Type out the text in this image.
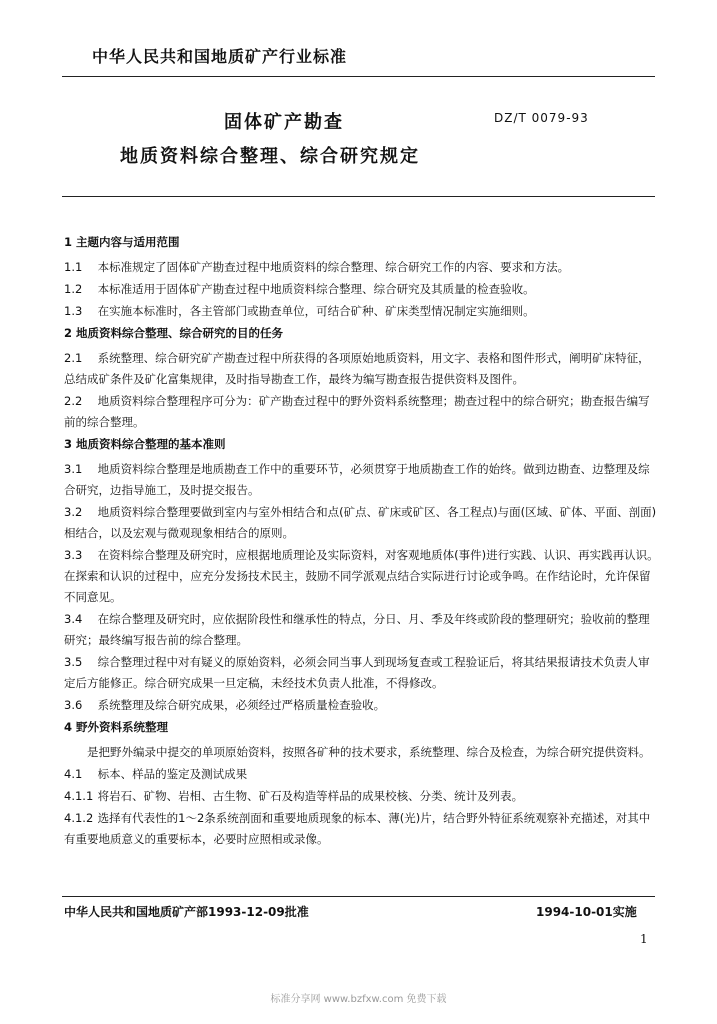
中华人民共和国地质矿产行业标准
固体矿产勘查	DZ/T 0079-93
地质资料综合整理、综合研究规定
1 主题内容与适用范围
1.1 本标准规定了固体矿产勘查过程中地质资料的综合整理、综合研究工作的内容、要求和方法。
1.2 本标准适用于固体矿产勘查过程中地质资料综合整理、综合研究及其质量的检查验收。
1.3 在实施本标准时，各主管部门或勘查单位，可结合矿种、矿床类型情况制定实施细则。
2 地质资料综合整理、综合研究的目的任务
2.1 系统整理、综合研究矿产勘查过程中所获得的各项原始地质资料，用文字、表格和图件形式，阐明矿床特征，总结成矿条件及矿化富集规律，及时指导勘查工作，最终为编写勘查报告提供资料及图件。
2.2 地质资料综合整理程序可分为：矿产勘查过程中的野外资料系统整理；勘查过程中的综合研究；勘查报告编写前的综合整理。
3 地质资料综合整理的基本准则
3.1 地质资料综合整理是地质勘查工作中的重要环节，必须贯穿于地质勘查工作的始终。做到边勘查、边整理及综合研究，边指导施工，及时提交报告。
3.2 地质资料综合整理要做到室内与室外相结合和点(矿点、矿床或矿区、各工程点)与面(区域、矿体、平面、剖面)相结合，以及宏观与微观现象相结合的原则。
3.3 在资料综合整理及研究时，应根据地质理论及实际资料，对客观地质体(事件)进行实践、认识、再实践再认识。在探索和认识的过程中，应充分发扬技术民主，鼓励不同学派观点结合实际进行讨论或争鸣。在作结论时，允许保留不同意见。
3.4 在综合整理及研究时，应依据阶段性和继承性的特点，分日、月、季及年终或阶段的整理研究；验收前的整理研究；最终编写报告前的综合整理。
3.5 综合整理过程中对有疑义的原始资料，必须会同当事人到现场复查或工程验证后，将其结果报请技术负责人审定后方能修正。综合研究成果一旦定稿，未经技术负责人批准，不得修改。
3.6 系统整理及综合研究成果，必须经过严格质量检查验收。
4 野外资料系统整理
是把野外编录中提交的单项原始资料，按照各矿种的技术要求，系统整理、综合及检查，为综合研究提供资料。
4.1 标本、样品的鉴定及测试成果
4.1.1 将岩石、矿物、岩相、古生物、矿石及构造等样品的成果校核、分类、统计及列表。
4.1.2 选择有代表性的1～2条系统剖面和重要地质现象的标本、薄(光)片，结合野外特征系统观察补充描述，对其中有重要地质意义的重要标本，必要时应照相或录像。
中华人民共和国地质矿产部1993-12-09批准	1994-10-01实施
1
标准分享网 www.bzfxw.com 免费下载
